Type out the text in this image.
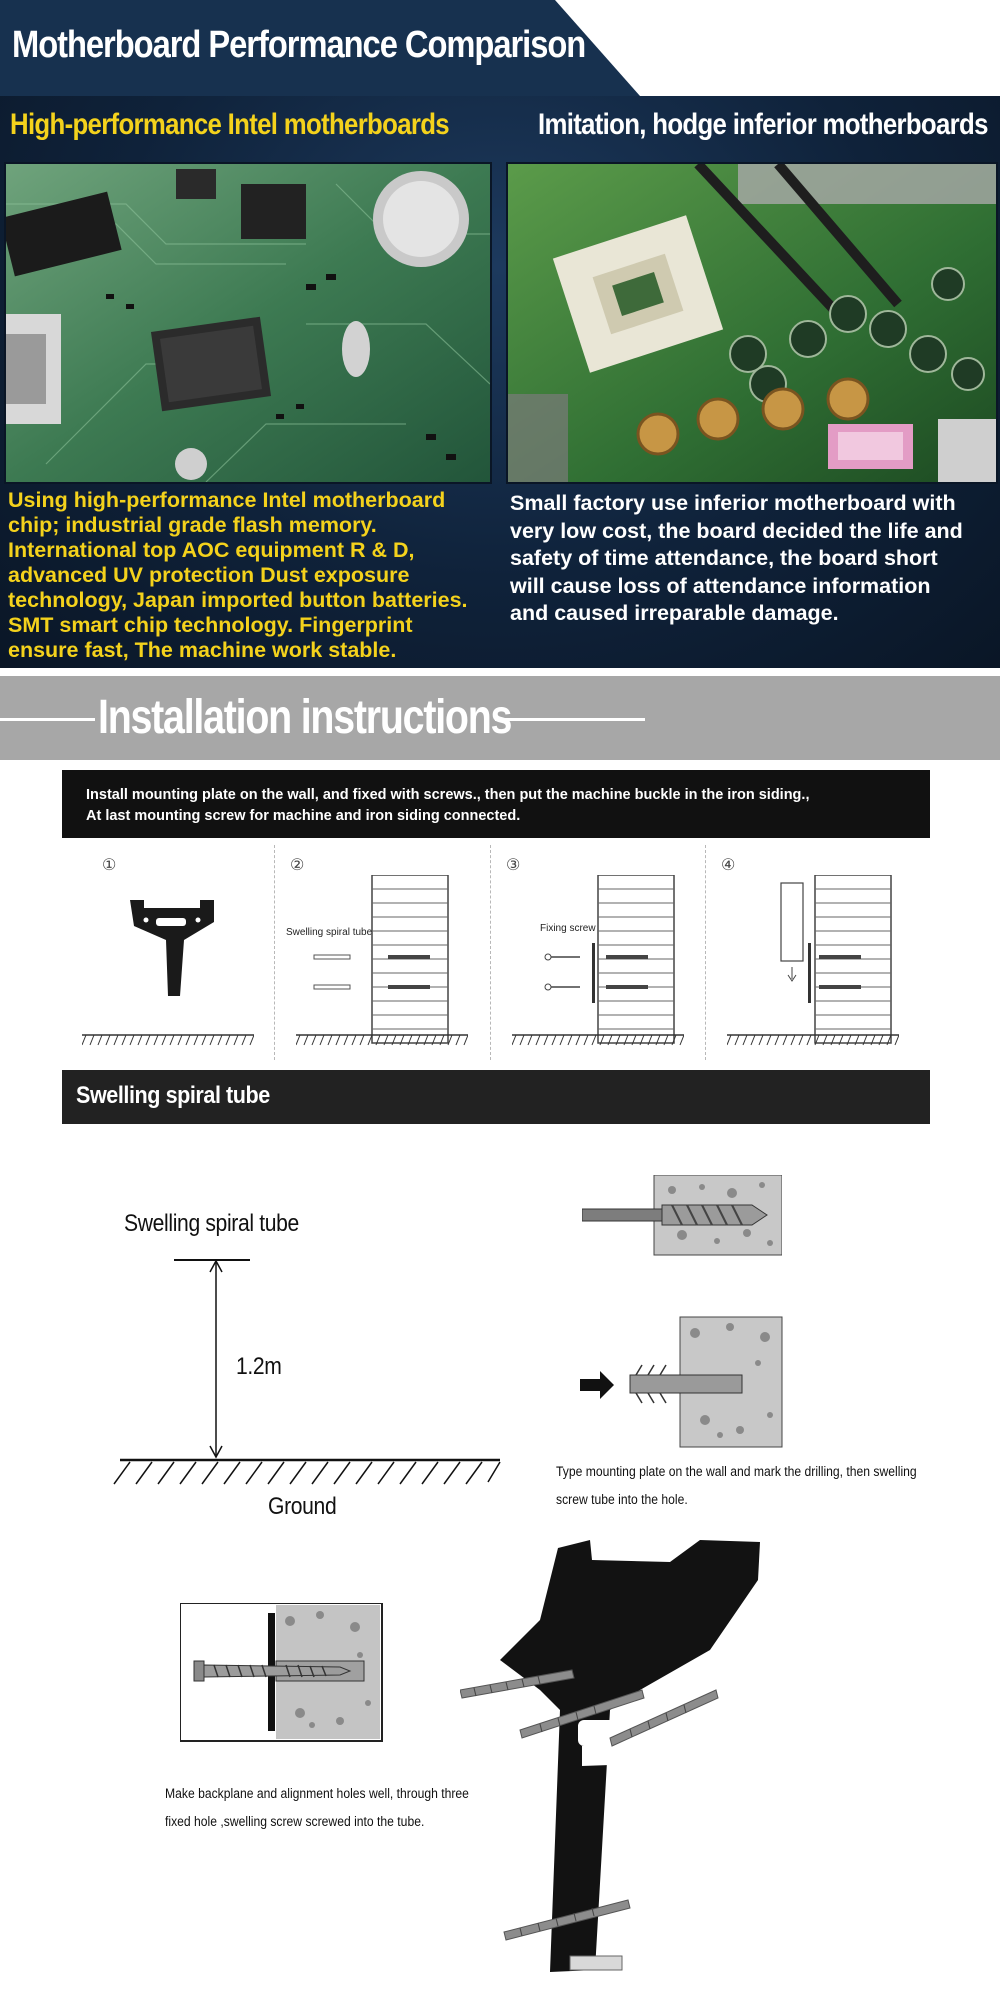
Motherboard Performance Comparison
High-performance Intel motherboards	Imitation, hodge inferior motherboards

Using high-performance Intel motherboard

chip; industrial grade flash memory.

International top AOC equipment R & D,

advanced UV protection Dust exposure

technology, Japan imported button batteries.

SMT smart chip technology. Fingerprint

ensure fast, The machine work stable.

Small factory use inferior motherboard with

very low cost, the board decided the life and

safety of time attendance, the board short

will cause loss of attendance information

and caused irreparable damage.

Installation instructions

Install mounting plate on the wall, and fixed with screws., then put the machine buckle in the iron siding.,

At last mounting screw for machine and iron siding connected.

①	②
Swelling spiral tube
③
Fixing screw
④
Swelling spiral tube
Swelling spiral tube
1.2m
Ground
Type mounting plate on the wall and mark the drilling, then swelling
screw tube into the hole.
Make backplane and alignment holes well, through three
fixed hole ,swelling screw screwed into the tube.
